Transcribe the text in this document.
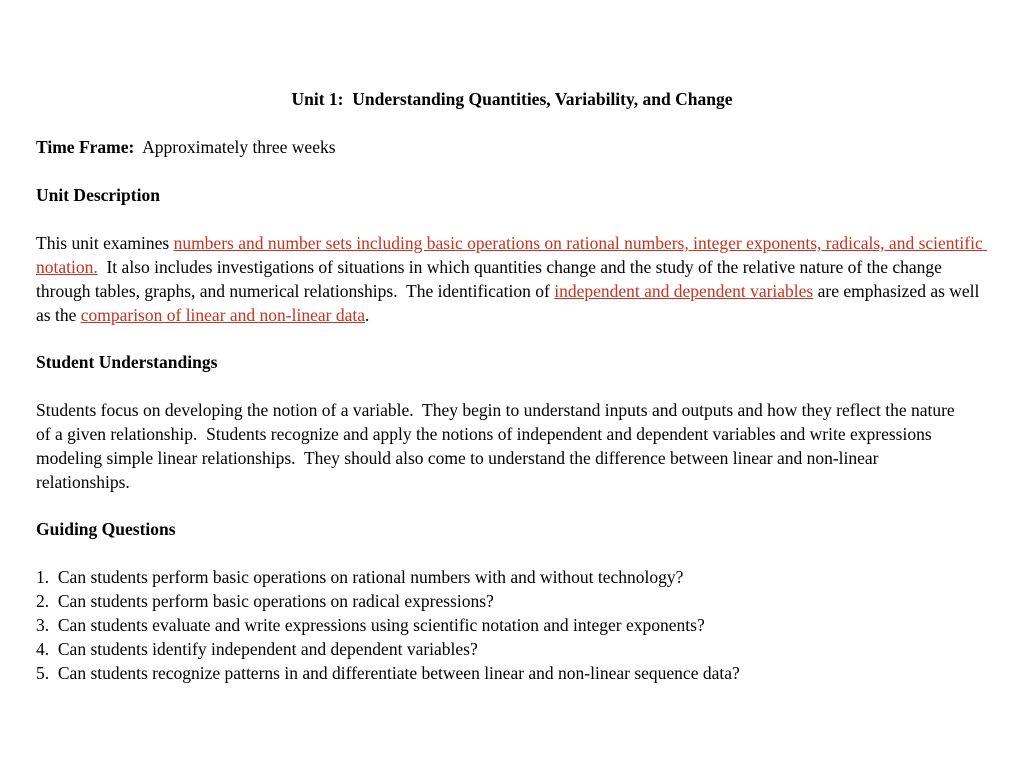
Unit 1:  Understanding Quantities, Variability, and Change
Time Frame: Approximately three weeks
Unit Description
This unit examines numbers and number sets including basic operations on rational numbers, integer exponents, radicals, and scientific notation.  It also includes investigations of situations in which quantities change and the study of the relative nature of the change through tables, graphs, and numerical relationships.  The identification of independent and dependent variables are emphasized as well as the comparison of linear and non-linear data.
Student Understandings
Students focus on developing the notion of a variable.  They begin to understand inputs and outputs and how they reflect the nature of a given relationship.  Students recognize and apply the notions of independent and dependent variables and write expressions modeling simple linear relationships.  They should also come to understand the difference between linear and non-linear relationships.
Guiding Questions
1.  Can students perform basic operations on rational numbers with and without technology?
2.  Can students perform basic operations on radical expressions?
3.  Can students evaluate and write expressions using scientific notation and integer exponents?
4.  Can students identify independent and dependent variables?
5.  Can students recognize patterns in and differentiate between linear and non-linear sequence data?
